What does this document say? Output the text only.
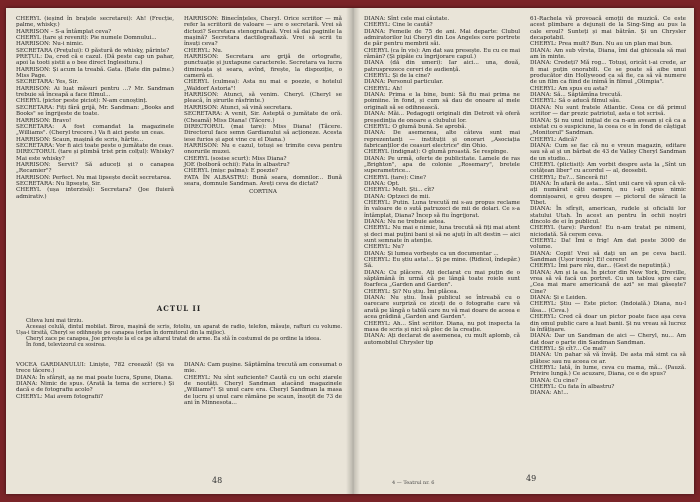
CHERYL (ieșind în brațele secretarei): Ah! (Frecție, palme, whisky.)

HARRISON – S-a întâmplat ceva?

CHERYL (tare și revenit): Pie numele Domnului...

HARRISON: Nu-i nimic.

SECRETARA (Prețului): O păstură de whisky, părinte?

PREȚUL: Da, cred că e cazul. (Dă peste cap un pahar, apoi la tooti șistii a o bee direct Inglesitura.)

HARRISON: Și acum la treabă. Gata. (Bate din palme.) Miss Page.

SECRETARA: Yes, Sir.

HARRISON: Ai luat măsuri pentru ...? Mr. Sandman trebuie să înceapă a face filmul...

CHERYL (pictor peste piciot): N-am cunoștinț.

SECRETARA: Fiți fără grijă, Mr. Sandman: „Books and Books" se îngrijeste de toate.

HARRISON: Bravo!

SECRETARA: A fost comandat la magazinele „Williams". (Cheryl trecere.) Va fi aici peste un ceas.

HARRISON: Scaun, mașină de scris, hârtie...

SECRETARA: Vor fi aici toate peste o jumătate de ceas.

DIRECTORUL (tare și plimbă trist prin colțul): Whisky? Mai este whisky?

HARRISON: Servit? Să aduceți și o canapea „Recamier"?

HARRISON: Perfect. Nu mai lipsește decât secretarea.

SECRETARA: Nu lipsește, Sir.

CHERYL (ușa interzisă): Secretara? (Joe fluieră admirativ.)

HARRISON: Binecînțeles, Cheryl. Orice scriitor — mă refer la scriitorii de valoare — are o secretară. Vrei să dictezi? Secretara stenografiază. Vrei să dai paginile la mașină? Secretara dactilografiază. Vrei să scrii tu însuți ceva?

CHERYL: Nu.

HARRISON: Secretara are grijă de ortografie, punctuație și juxtapune caracterele. Secretara va lucra dimineața și seara, avînd, firește, la dispoziție, o cameră ei.

CHERYL (culmea): Asta nu mai e poezie, e hotelul „Waldorf Astoria"!

HARRISON: Atunci, să venim. Cheryl. (Cheryl se pleacă, în șirurile răsfrinte.)

HARRISON: Atunci, să vină secretara.

SECRETARA: A venit, Sir. Asteptă o jumătate de oră. (Cheamă) Miss Diana! (Tăcere.)

DIRECTORUL (mai tare): Miss Diana! (Tăcere. Directorul face semn Gardianului să acționeze. Acesta iese furios și apoi vine cu el Diana.)

HARRISON: Nu e cazul, totuși se trimite ceva pentru onorurile muzei.

CHERYL (sosise scurt): Miss Diana?

JOE (bolboră ochii): Fata în albastru?

CHERYL (mișc palma): E poezie?

FATA ÎN ALBASTRU: Bună seara, domnilor... Bună seara, domnule Sandman. Aveți ceva de dictat?

CORTINA
ACTUL II

Citeva luni mai tirziu.

Aceeași celulă, dintul mobilat. Birou, mașină de scris, fotoliu, un aparat de radio, telefon, măsuțe, rafturi cu volume. Ușa-i tirsită, Cheryl se odihnește pe canapea (orfan în dormitorul din la mijloc).

Cheryl zace pe canapea, Joe privește la el ca pe altarul tratat de arme. Ea stă în costumul de pe ordine la ideea.

În fond, televizorul cu sosirea.

VOCEA GARDIANULUI: Liniște, 782 creează! (Și va trece tăcere.)

DIANA: În sfârșit, aș ne mai poate lucra, Spune, Diana.

DIANA: Nimic de spus. (Arată la tema de scriere.) Și dacă e de fotografiu acolo?

CHERYL: Mai avem fotografii?

DIANA: Cam pușine. Săptămîna trecută am consumat o mie.

CHERYL: Nu sînt suficiente? Caută cu un ochi ziarele de noutăți. Cheryl Sandman atacând magazinele „Williams"! Și unul care era. Cheryl Sandman la masa de lucru și unul care rămâne pe scaun, însoțit de 73 de ani în Minnesota...

48

DIANA: Sînt cele mai căutate.

CHERYL: Cine le caută?

DIANA: Femeile de 75 de ani. Mai departe: Clubul admiratorilor lui Cheryl din Los Angeles cere portrete de păr pentru membrii săi.

CHERYL (ca în vis): Am dat sau presește. Eu cu ce mai rămân? (Și pipăie cu îngrijorare capul.)

DIANA (dă din umeri): Iar aici... una, două, patrusprezece cereri de audiență.

CHERYL: Și de la cine?

DIANA: Personul particular.

CHERYL: Ah!

DIANA: Prima e la bine, buni: Să fiu mai prima ne poimiine. în fond, și cum să dau de onoare al mele originali să se odihnească.

DIANA: Măi... Pedagogii originali din Detroit vă oferă președinția de onoare a clubului lor.

CHERYL: O glumă bună. Se aprobă.

DIANA: De asemenea, alte câteva sunt mai reprezentanți — instituții și onorari „Asociația fabricanților de ceasuri electrice" din Ohio.

CHERYL (indignat): O glumă proastă. Se respinge.

DIANA: Pe urmă, oferte de publicitate. Lamele de ras „Brighton", apa de colonie „Rosemary", bretele superametrice...

CHERYL (tare): Cine?

DIANA: Opt.

CHERYL: Mult. Ști... cît?

DIANA: Optzeci de mii.

CHERYL: Putin. Luna trecută mi s-au propus reclame în valoare de o sută patruzeci de mii de dolari. Ce s-a întâmplat, Diana? Încep să fiu îngrijorat.

DIANA: Nu ne trebuie astea.

CHERYL: Nu mai e nimic, luna trecută să fiți mai atent și deci mai puțini bani și să ne ajuți în alt destin — aici sunt semnate în atenție.

CHERYL: Nu?

DIANA: Și lumea vorbește ca un documentar ...

CHERYL: Eu știu asta!... Și pe mine. (Ridicol, îndepăr.) Să.

DIANA: Cu plăcere. Ați declarat cu mai puțin de o săptămână în urmă că pe lângă toate roiele sunt foarfeca „Garden and Garden".

CHERYL: Și? Nu știu. Îmi plăcea.

DIANA: Nu știu. Însă publicul se întreabă cu o oarecare surpriză ce ziceți de o fotografie care vă arată pe lângă o tablă care nu vă mai doare de aceea e acea grădină „Garden and Garden".

CHERYL: Ah... Sînt scriitor. Diana, nu pot inspecta la masa de scris și nici să plec de la creație.

DIANA: Ați declarat de asemenea, cu mult aplomb, că automobilul Chrysler tip

61-Rachela vă provoacă emoții de muzică. Ce este acest plimbare a dejunșii de la Sing-Sing au pus la cale eroul? Sunteți și mai bătrân. Și un Chrysler decapotabil.

CHERYL: Prea mult? Bun. Nu au un plan mai bun.

DIANA: Am sub vîrsta, Diana, îmi dai ghiceala să mai am în minte.

DIANA: Credeți? Mă rog... Totuși, oricât i-ai crede, ar fi mai puțin onorabili. Ce se poate să aibe unui producător din Hollywood ca să fie, ca să vă numere de un film ca fiind de inimă în filmul „Olimpia".

CHERYL: Am spus eu asta?

DIANA: Să... Săptămîna trecută.

CHERYL: Să o aducă filmul său.

DIANA: Nu sunt fratele Atlantic. Ceea ce dă primul scriitor — dar prezic patriotul, asta e tot scrisă.

DIANA: Și nu unul inițial de ca n-am aveam și că ca a existat cu o suspiciune, la ceea ce e în fond de căștigat „Monitorul" Sandman.

CHERYL: Adică?

DIANA: Cum se fac că nu e vreun magazin, editare sau să ai și un bărbat de 43 de Valley Cheryl Sandman de un studio...

CHERYL (plictisit): Am vorbit despre asta la „Sînt un cetățean liber" cu acordul — al, deosebit.

CHERYL: Eu?... Sinceră fii!

DIANA: În afară de asta... Sînt unii care vă spun că vă-ați numărat câți oameni, nu i-ați spus nimic domnișoarei, e greu despre — pictorul de săracii la Tibet.

DIANA: În sfîrșit, american, rudele și oficialii lor statului Utah. În acest an pentru în ochii noștri dincolo de ei în publicul.

CHERYL (tare): Pardon! Eu n-am tratat pe nimeni, niciodată. Să cerem ceva.

CHERYL: Da! Îmi e frig! Am dat peste 3000 de volume.

DIANA: Copii! Vrei să dați un an pe ceva bacil. Sandman (Ușor ironic) Ei! cerere!

CHERYL: Îmi pare rău, dar... (Gest de neputință.)

DIANA: Am și la ea. În pictor din New York, Dreville, vrea să vă facă un portret. Cu un tablou spre care „Cea mai mare americană de azi" se mai găsește? Cine?

DIANA: Și e Leiden.

CHERYL: Știu — Este pictor. (Indoială.) Diana, nu-l lăsa... (Ceva.)

CHERYL: Cred că doar un pictor poate face așa ceva din omul public care a luat banii. Și nu vreau să lucrez la înfățișare.

DIANA: Dar un Sandman de aici — Cheryl, nu... Am dat doar o parte din Sandman Sandman.

CHERYL: Și cît?... Ce mai?

DIANA: Un pahar să vă învăț. De asta mă simt ca să plătesc sau nu aceea ce ar.

CHERYL: Iată, în lume, ceva cu mama, mă... (Pauză. Privire lungă.) Ce acuzare, Diana, ce e de spus?

DIANA: Cu cine?

CHERYL: Cu fata în albastru?

DIANA: Ah!...

4 — Teatrul nr. 6	49
